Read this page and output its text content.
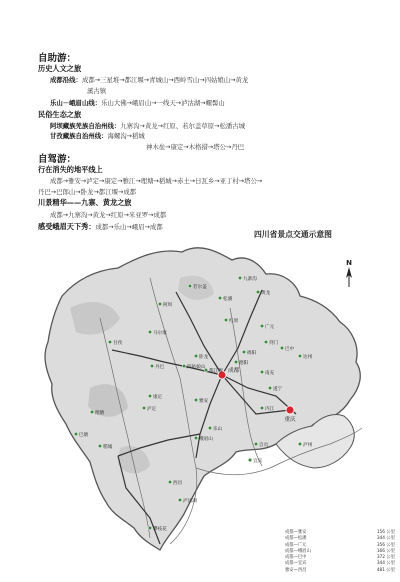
自助游：
历史人文之旅
成都沿线：成都→三星堆→都江堰→青城山→西岭雪山→四姑娘山→黄龙
溪古镇
乐山－峨眉山线：乐山大佛→峨眉山→一线天→泸沽湖→螺髻山
民俗生态之旅
阿坝藏族羌族自治州线：九寨沟→黄龙→红原、若尔盖草原→松潘古城
甘孜藏族自治州线：海螺沟→稻城
神木垒→康定→木格措→塔公→丹巴
自驾游：
行在消失的地平线上
成都→雅安→泸定→康定→雅江→理塘→稻城→赤土→日瓦乡→亚丁村→塔公→
丹巴→巴郎山→卧龙→都江堰→成都
川景精华——九寨、黄龙之旅
成都→九寨沟→黄龙→红原→米亚罗→成都
感受峨眉天下秀：成都→乐山→峨眉→成都
四川省景点交通示意图
N
成都
重庆
九寨沟
黄龙
松潘
红原
若尔盖
阿坝
马尔康
广元
剑门
绵阳
德阳
都江堰
卧龙
四姑娘山
丹巴
甘孜
康定
泸定
雅安
乐山
峨眉山
自贡
宜宾
泸州
内江
遂宁
南充
达州
巴中
西昌
攀枝花
稻城
理塘
巴塘
泸沽湖
成都—雅安	156 公里
成都—松潘	344 公里
成都—广元	356 公里
成都—峨眉山	166 公里
成都—巴中	372 公里
成都—宜宾	344 公里
雅安—西昌	481 公里
